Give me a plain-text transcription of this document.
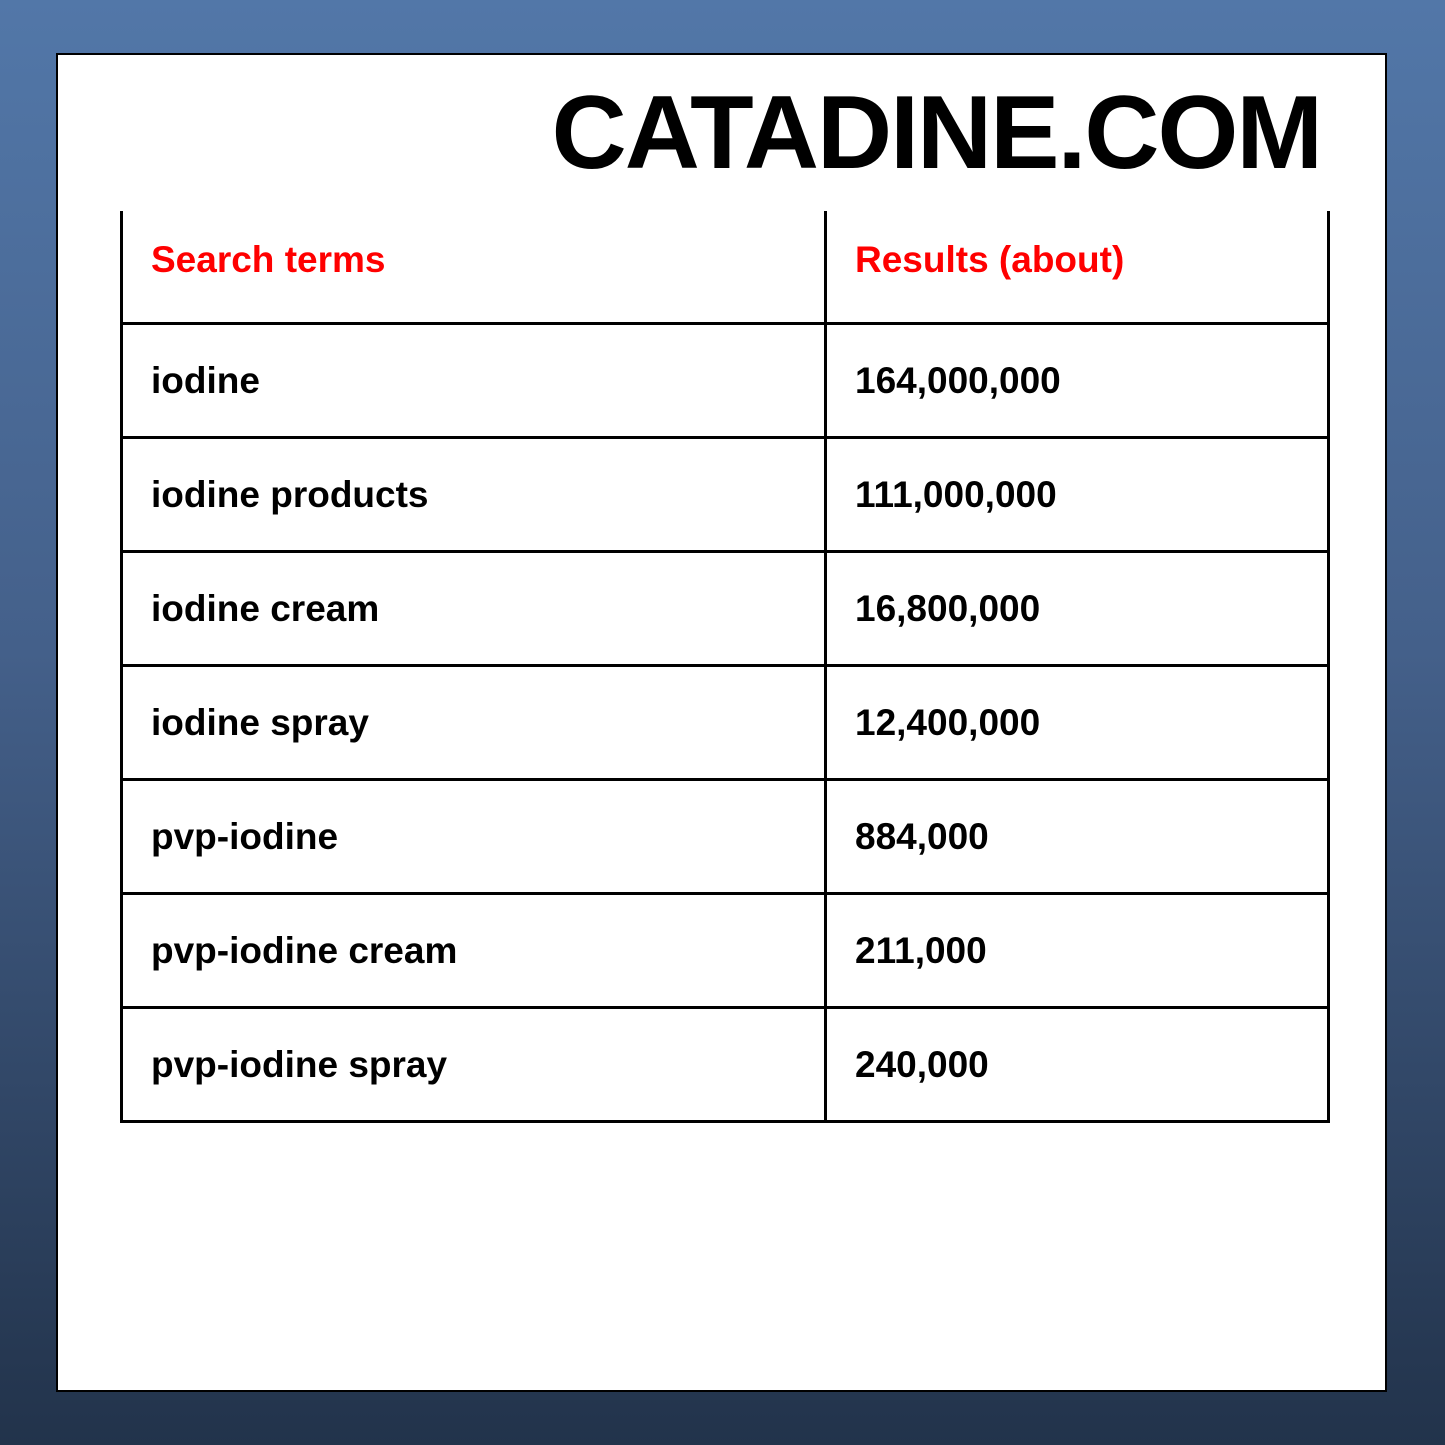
CATADINE.COM
Search terms	Results (about)
iodine	164,000,000
iodine products	111,000,000
iodine cream	16,800,000
iodine spray	12,400,000
pvp-iodine	884,000
pvp-iodine cream	211,000
pvp-iodine spray	240,000
